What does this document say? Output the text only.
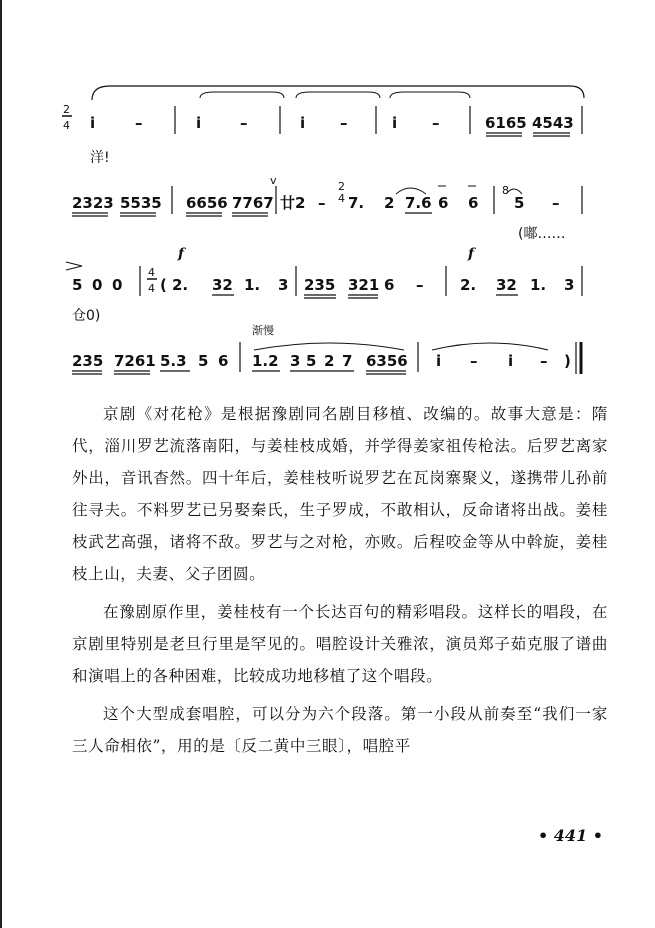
2
4 i	–	i	–	i –	i –	6165 4543
洋!
2323 5535 6656 7767
v
廿2 –
2
4 7. 2 7.6 6 6
8
5 –
(嘟……
5 0 0
4
4 (
f
2. 32 1. 3 235 321 6 –
f
2. 32 1. 3
仓0)
渐慢
235 7261 5.3 5 6 1.2 3 5 2 7 6356 i – i – )

京剧《对花枪》是根据豫剧同名剧目移植、改编的。故事大意是：隋代，淄川罗艺流落南阳，与姜桂枝成婚，并学得姜家祖传枪法。后罗艺离家外出，音讯杳然。四十年后，姜桂枝听说罗艺在瓦岗寨聚义，遂携带儿孙前往寻夫。不料罗艺已另娶秦氏，生子罗成，不敢相认，反命诸将出战。姜桂枝武艺高强，诸将不敌。罗艺与之对枪，亦败。后程咬金等从中斡旋，姜桂枝上山，夫妻、父子团圆。

在豫剧原作里，姜桂枝有一个长达百句的精彩唱段。这样长的唱段，在京剧里特别是老旦行里是罕见的。唱腔设计关雅浓，演员郑子茹克服了谱曲和演唱上的各种困难，比较成功地移植了这个唱段。

这个大型成套唱腔，可以分为六个段落。第一小段从前奏至“我们一家三人命相依”，用的是〔反二黄中三眼〕，唱腔平

• 441 •
